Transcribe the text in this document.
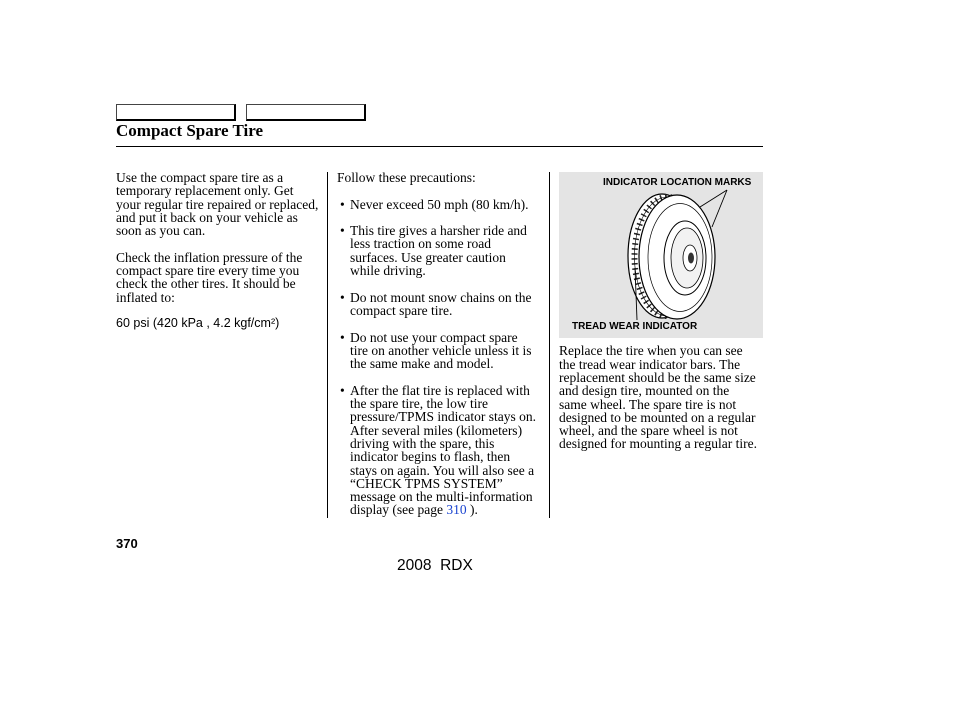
Compact Spare Tire
Use the compact spare tire as a
temporary replacement only. Get
your regular tire repaired or replaced,
and put it back on your vehicle as
soon as you can.
Check the inflation pressure of the
compact spare tire every time you
check the other tires. It should be
inflated to:
60 psi (420 kPa , 4.2 kgf/cm²)
Follow these precautions:
• Never exceed 50 mph (80 km/h).
• This tire gives a harsher ride and
less traction on some road
surfaces. Use greater caution
while driving.
• Do not mount snow chains on the
compact spare tire.
• Do not use your compact spare
tire on another vehicle unless it is
the same make and model.
• After the flat tire is replaced with
the spare tire, the low tire
pressure/TPMS indicator stays on.
After several miles (kilometers)
driving with the spare, this
indicator begins to flash, then
stays on again. You will also see a
“CHECK TPMS SYSTEM”
message on the multi-information
display (see page 310 ).
INDICATOR LOCATION MARKS
TREAD WEAR INDICATOR
Replace the tire when you can see
the tread wear indicator bars. The
replacement should be the same size
and design tire, mounted on the
same wheel. The spare tire is not
designed to be mounted on a regular
wheel, and the spare wheel is not
designed for mounting a regular tire.
370
2008  RDX
